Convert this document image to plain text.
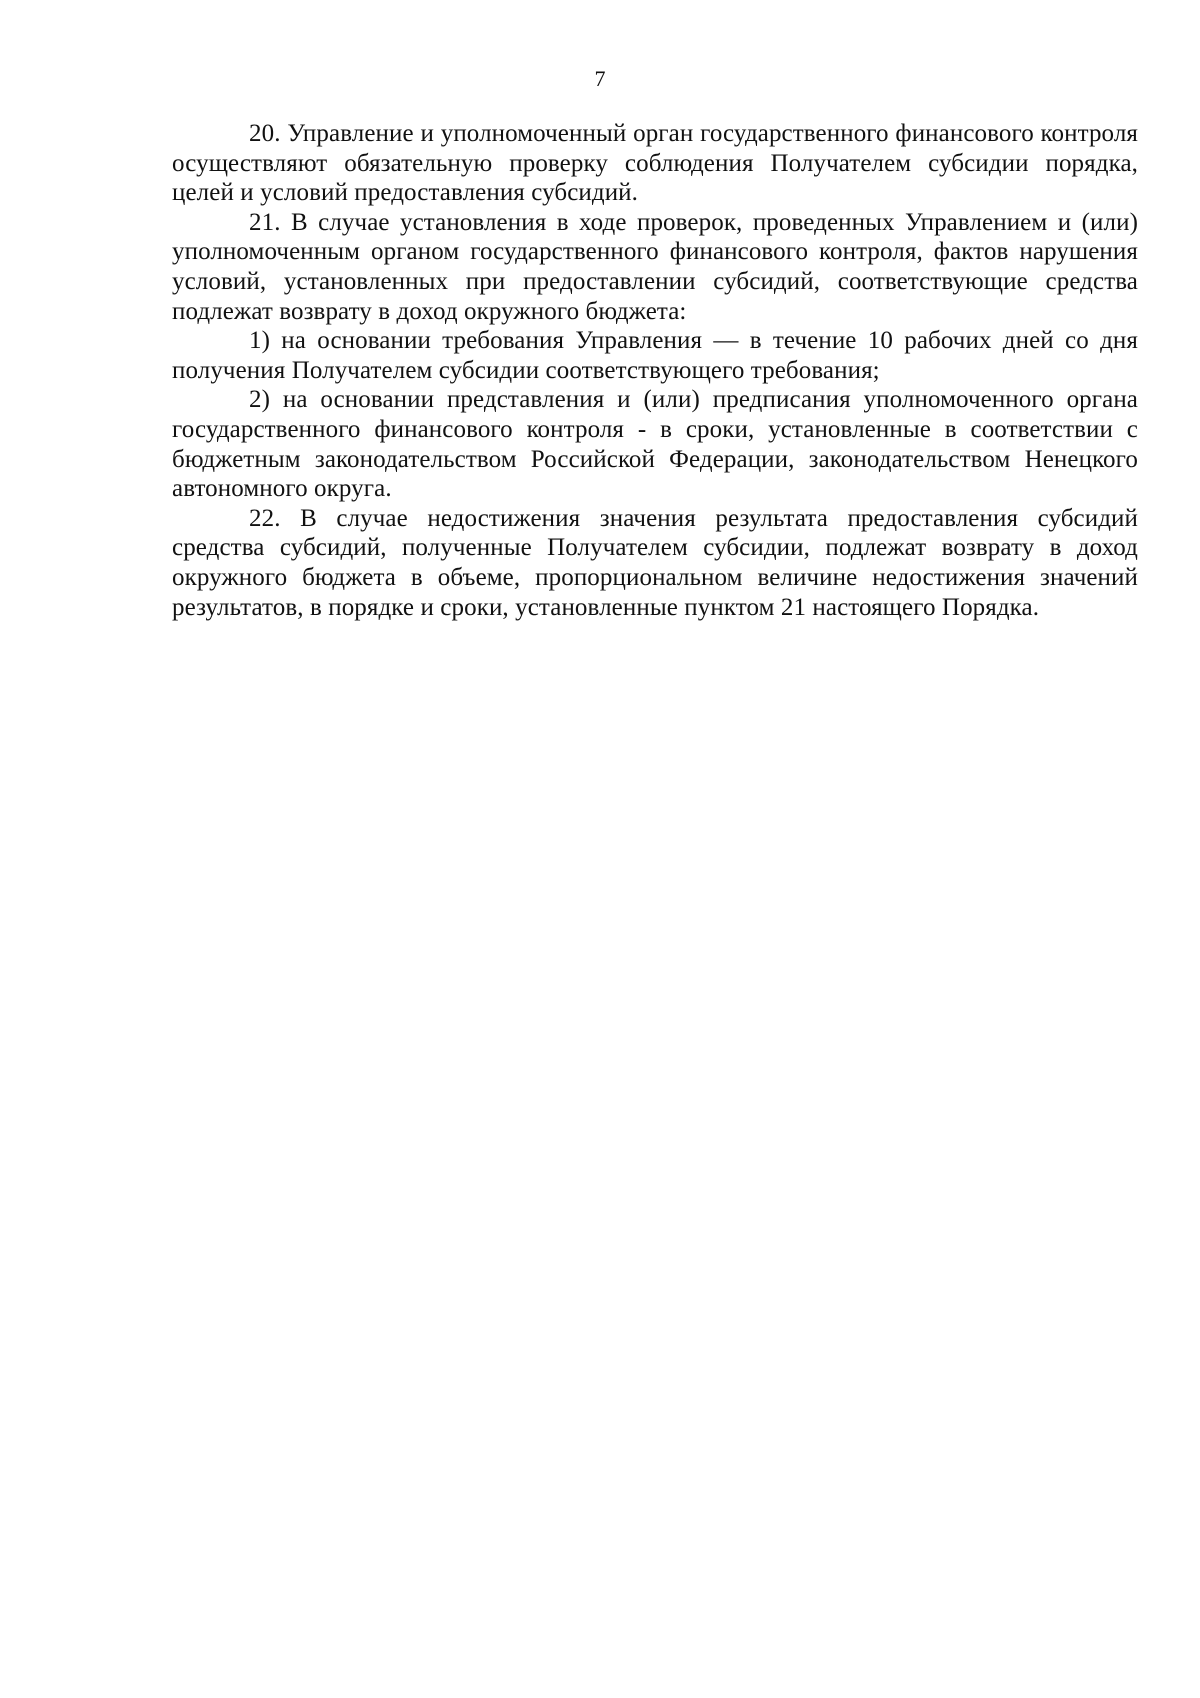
7

20. Управление и уполномоченный орган государственного финансового контроля осуществляют обязательную проверку соблюдения Получателем субсидии порядка, целей и условий предоставления субсидий.

21. В случае установления в ходе проверок, проведенных Управлением и (или) уполномоченным органом государственного финансового контроля, фактов нарушения условий, установленных при предоставлении субсидий, соответствующие средства подлежат возврату в доход окружного бюджета:

1) на основании требования Управления — в течение 10 рабочих дней со дня получения Получателем субсидии соответствующего требования;

2) на основании представления и (или) предписания уполномоченного органа государственного финансового контроля - в сроки, установленные в соответствии с бюджетным законодательством Российской Федерации, законодательством Ненецкого автономного округа.

22. В случае недостижения значения результата предоставления субсидий средства субсидий, полученные Получателем субсидии, подлежат возврату в доход окружного бюджета в объеме, пропорциональном величине недостижения значений результатов, в порядке и сроки, установленные пунктом 21 настоящего Порядка.
